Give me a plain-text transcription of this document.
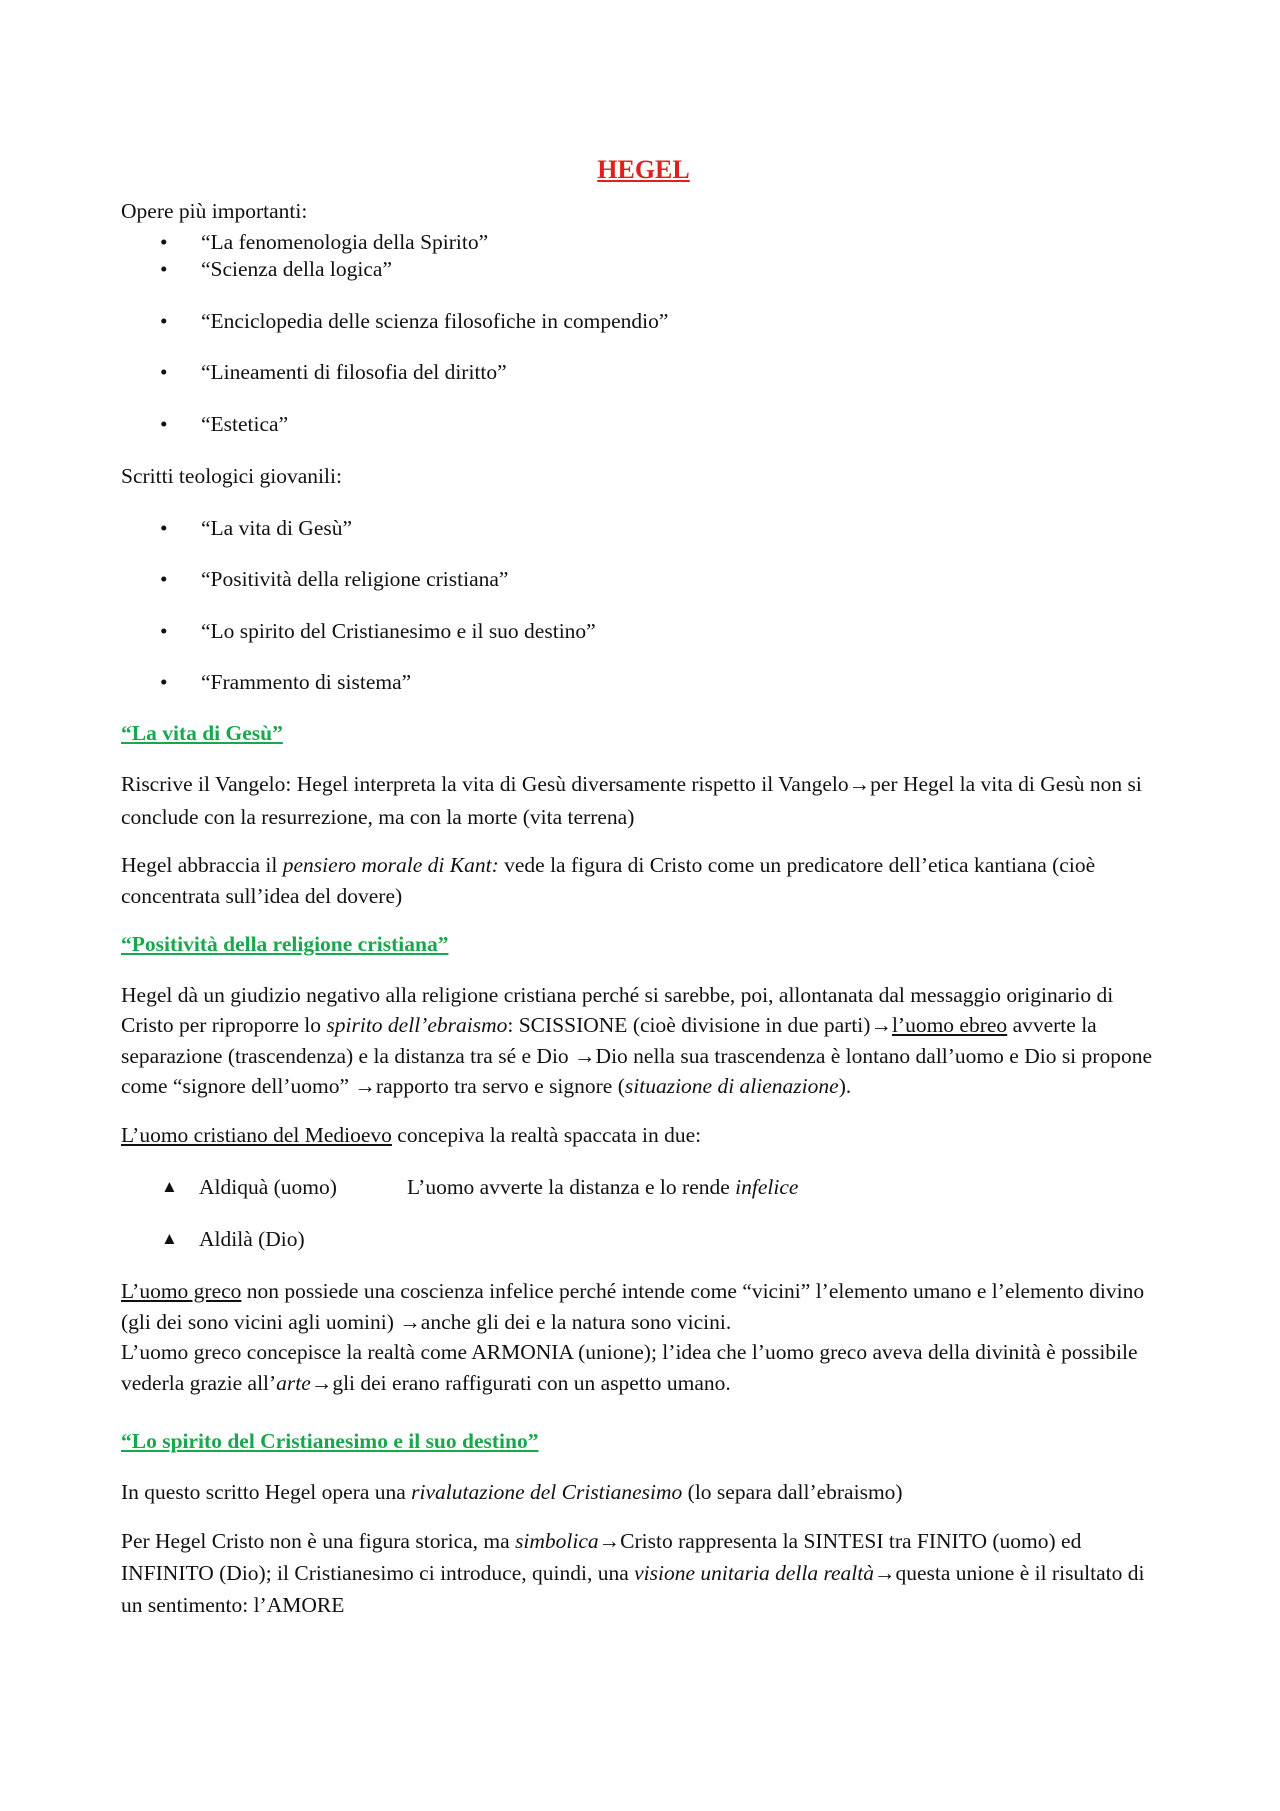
HEGEL

Opere più importanti:

• “La fenomenologia della Spirito”
• “Scienza della logica”
• “Enciclopedia delle scienza filosofiche in compendio”
• “Lineamenti di filosofia del diritto”
• “Estetica”

Scritti teologici giovanili:

• “La vita di Gesù”
• “Positività della religione cristiana”
• “Lo spirito del Cristianesimo e il suo destino”
• “Frammento di sistema”

“La vita di Gesù”

Riscrive il Vangelo: Hegel interpreta la vita di Gesù diversamente rispetto il Vangelo→per Hegel la vita di Gesù non si conclude con la resurrezione, ma con la morte (vita terrena)

Hegel abbraccia il pensiero morale di Kant: vede la figura di Cristo come un predicatore dell’etica kantiana (cioè concentrata sull’idea del dovere)

“Positività della religione cristiana”

Hegel dà un giudizio negativo alla religione cristiana perché si sarebbe, poi, allontanata dal messaggio originario di Cristo per riproporre lo spirito dell’ebraismo: SCISSIONE (cioè divisione in due parti)→l’uomo ebreo avverte la separazione (trascendenza) e la distanza tra sé e Dio →Dio nella sua trascendenza è lontano dall’uomo e Dio si propone come “signore dell’uomo” →rapporto tra servo e signore (situazione di alienazione).

L’uomo cristiano del Medioevo concepiva la realtà spaccata in due:

▲ Aldiquà (uomo)	L’uomo avverte la distanza e lo rende infelice
▲ Aldilà (Dio)

L’uomo greco non possiede una coscienza infelice perché intende come “vicini” l’elemento umano e l’elemento divino (gli dei sono vicini agli uomini) →anche gli dei e la natura sono vicini.
L’uomo greco concepisce la realtà come ARMONIA (unione); l’idea che l’uomo greco aveva della divinità è possibile vederla grazie all’arte→gli dei erano raffigurati con un aspetto umano.

“Lo spirito del Cristianesimo e il suo destino”

In questo scritto Hegel opera una rivalutazione del Cristianesimo (lo separa dall’ebraismo)

Per Hegel Cristo non è una figura storica, ma simbolica→Cristo rappresenta la SINTESI tra FINITO (uomo) ed INFINITO (Dio); il Cristianesimo ci introduce, quindi, una visione unitaria della realtà→questa unione è il risultato di un sentimento: l’AMORE
